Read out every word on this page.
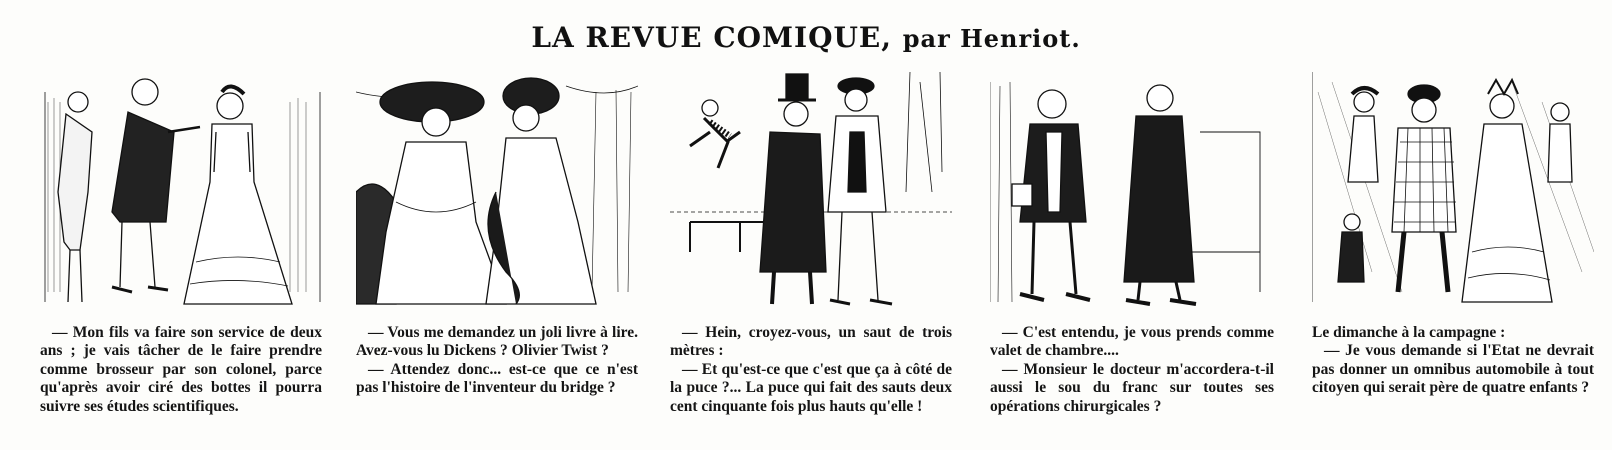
LA REVUE COMIQUE, par Henriot.

— Mon fils va faire son service de deux ans ; je vais tâcher de le faire prendre comme brosseur par son colonel, parce qu'après avoir ciré des bottes il pourra suivre ses études scientifiques.

— Vous me demandez un joli livre à lire. Avez-vous lu Dickens ? Olivier Twist ?

— Attendez donc... est-ce que ce n'est pas l'histoire de l'inventeur du bridge ?

— Hein, croyez-vous, un saut de trois mètres :

— Et qu'est-ce que c'est que ça à côté de la puce ?... La puce qui fait des sauts deux cent cinquante fois plus hauts qu'elle !

— C'est entendu, je vous prends comme valet de chambre....

— Monsieur le docteur m'accordera-t-il aussi le sou du franc sur toutes ses opérations chirurgicales ?

Le dimanche à la campagne :

— Je vous demande si l'Etat ne devrait pas donner un omnibus automobile à tout citoyen qui serait père de quatre enfants ?
